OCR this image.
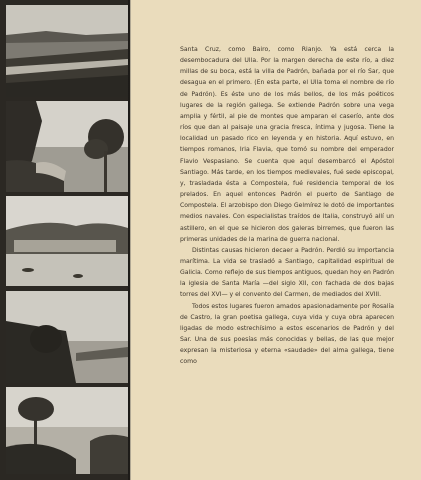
Santa Cruz, como Bairo, como Rianjo. Ya está cerca la desembocadura del Ulla. Por la margen derecha de este río, a diez millas de su boca, está la villa de Padrón, bañada por el río Sar, que desagua en el primero. (En esta parte, el Ulla toma el nombre de río de Padrón). Es éste uno de los más bellos, de los más poéticos lugares de la región gallega. Se extiende Padrón sobre una vega amplia y fértil, al pie de montes que amparan el caserío, ante dos ríos que dan al paisaje una gracia fresca, íntima y jugosa. Tiene la localidad un pasado rico en leyenda y en historia. Aquí estuvo, en tiempos romanos, Iria Flavia, que tomó su nombre del emperador Flavio Vespasiano. Se cuenta que aquí desembarcó el Apóstol Santiago. Más tarde, en los tiempos medievales, fué sede episcopal, y, trasladada ésta a Compostela, fué residencia temporal de los prelados. En aquel entonces Padrón el puerto de Santiago de Compostela. El arzobispo don Diego Gelmírez le dotó de importantes medios navales. Con especialistas traídos de Italia, construyó allí un astillero, en el que se hicieron dos galeras birremes, que fueron las primeras unidades de la marina de guerra nacional.

Distintas causas hicieron decaer a Padrón. Perdió su importancia marítima. La vida se trasladó a Santiago, capitalidad espiritual de Galicia. Como reflejo de sus tiempos antiguos, quedan hoy en Padrón la iglesia de Santa María —del siglo XII, con fachada de dos bajas torres del XVI— y el convento del Carmen, de mediados del XVIII.

Todos estos lugares fueron amados apasionadamente por Rosalía de Castro, la gran poetisa gallega, cuya vida y cuya obra aparecen ligadas de modo estrechísimo a estos escenarios de Padrón y del Sar. Una de sus poesías más conocidas y bellas, de las que mejor expresan la misteriosa y eterna «saudade» del alma gallega, tiene como
